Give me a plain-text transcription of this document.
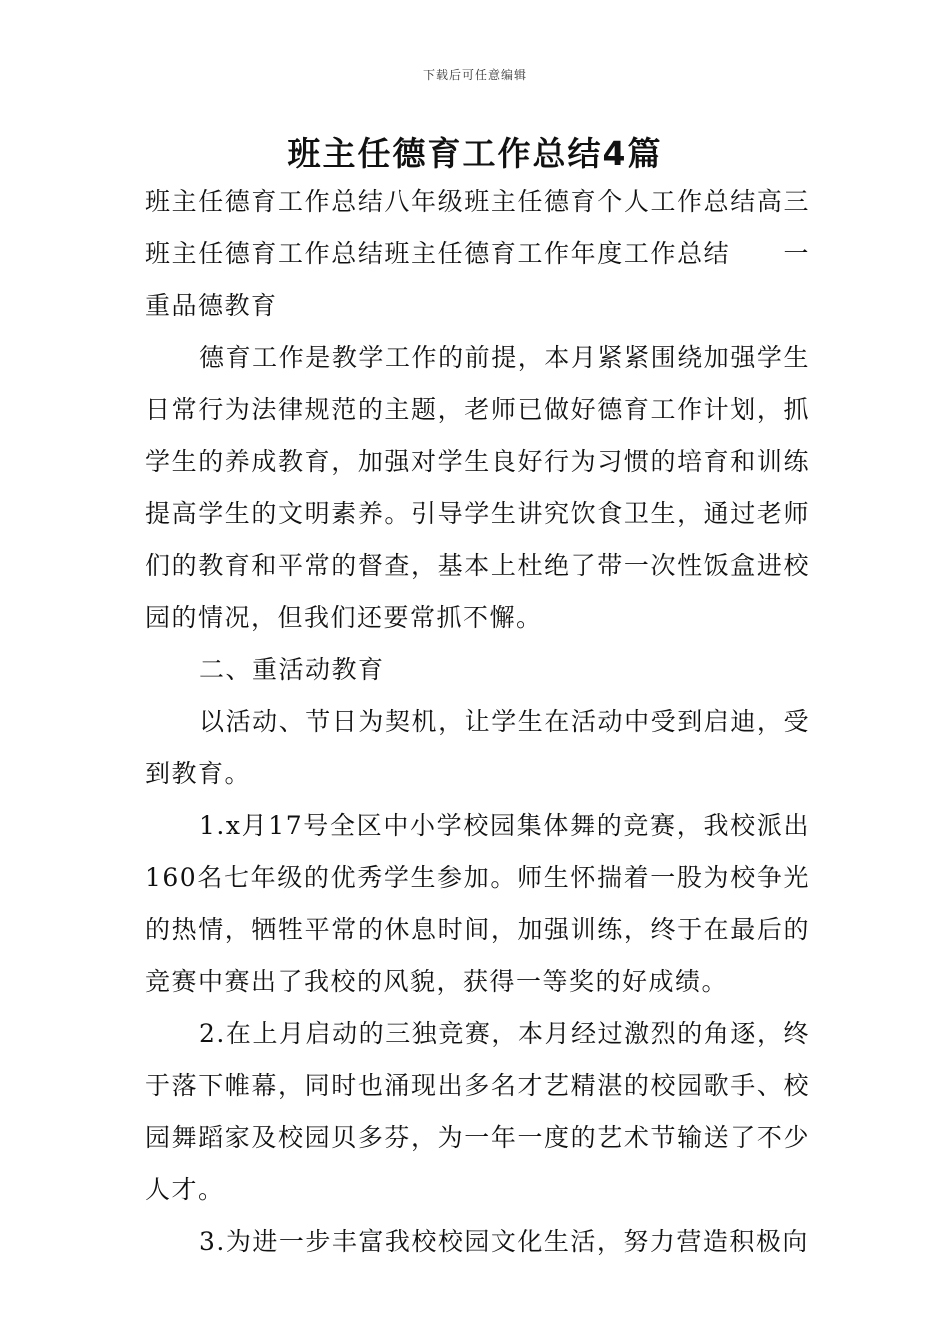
下载后可任意编辑
班主任德育工作总结4篇

班主任德育工作总结八年级班主任德育个人工作总结高三班主任德育工作总结班主任德育工作年度工作总结　　一重品德教育

德育工作是教学工作的前提，本月紧紧围绕加强学生日常行为法律规范的主题，老师已做好德育工作计划，抓学生的养成教育，加强对学生良好行为习惯的培育和训练提高学生的文明素养。引导学生讲究饮食卫生，通过老师们的教育和平常的督查，基本上杜绝了带一次性饭盒进校园的情况，但我们还要常抓不懈。

二、重活动教育

以活动、节日为契机，让学生在活动中受到启迪，受到教育。

1.x月17号全区中小学校园集体舞的竞赛，我校派出160名七年级的优秀学生参加。师生怀揣着一股为校争光的热情，牺牲平常的休息时间，加强训练，终于在最后的竞赛中赛出了我校的风貌，获得一等奖的好成绩。

2.在上月启动的三独竞赛，本月经过激烈的角逐，终于落下帷幕，同时也涌现出多名才艺精湛的校园歌手、校园舞蹈家及校园贝多芬，为一年一度的艺术节输送了不少人才。

3.为进一步丰富我校校园文化生活，努力营造积极向
